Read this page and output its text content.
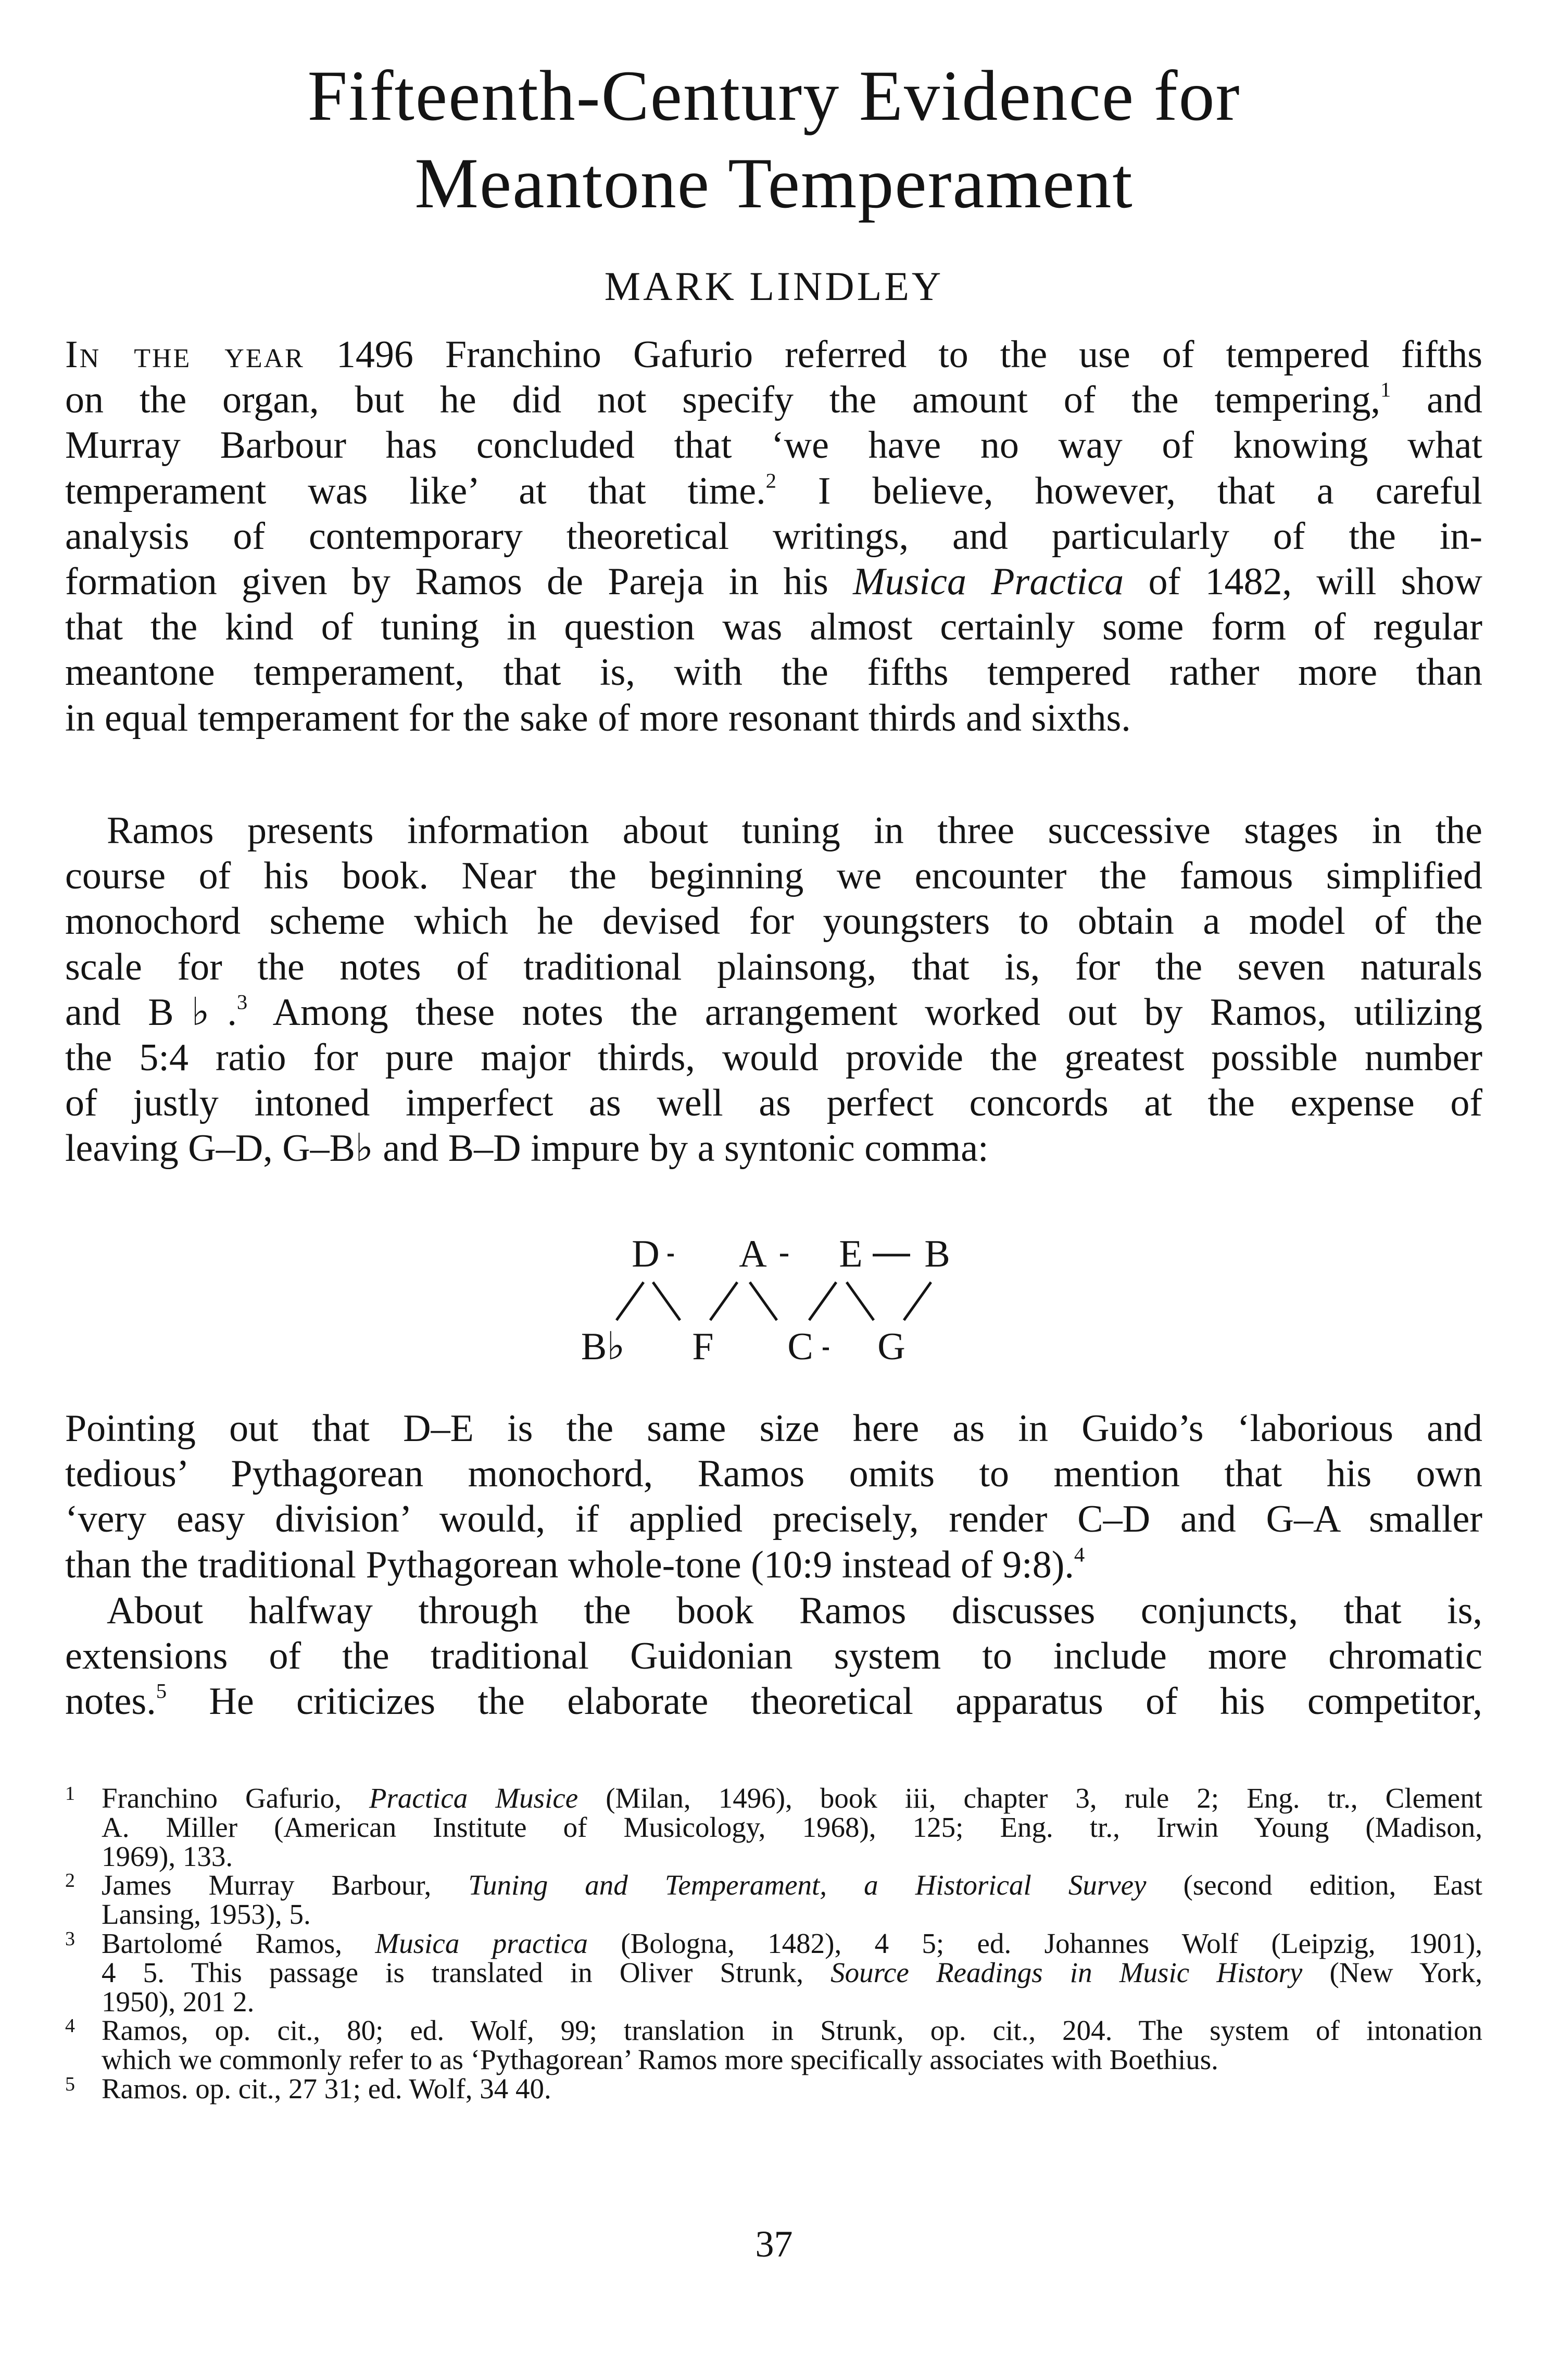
Fifteenth-Century Evidence for
Meantone Temperament
MARK LINDLEY
In the year 1496 Franchino Gafurio referred to the use of tempered fifths
on the organ, but he did not specify the amount of the tempering,$^1$ and
Murray Barbour has concluded that ‘we have no way of knowing what
temperament was like’ at that time.$^2$ I believe, however, that a careful
analysis of contemporary theoretical writings, and particularly of the in-
formation given by Ramos de Pareja in his Musica Practica of 1482, will show
that the kind of tuning in question was almost certainly some form of regular
meantone temperament, that is, with the fifths tempered rather more than
in equal temperament for the sake of more resonant thirds and sixths.
Ramos presents information about tuning in three successive stages in the
course of his book. Near the beginning we encounter the famous simplified
monochord scheme which he devised for youngsters to obtain a model of the
scale for the notes of traditional plainsong, that is, for the seven naturals
and B♭.$^3$ Among these notes the arrangement worked out by Ramos, utilizing
the 5:4 ratio for pure major thirds, would provide the greatest possible number
of justly intoned imperfect as well as perfect concords at the expense of
leaving G–D, G–B♭ and B–D impure by a syntonic comma:
D A E B
B♭ F C G
Pointing out that D–E is the same size here as in Guido’s ‘laborious and
tedious’ Pythagorean monochord, Ramos omits to mention that his own
‘very easy division’ would, if applied precisely, render C–D and G–A smaller
than the traditional Pythagorean whole-tone (10:9 instead of 9:8).$^4$
About halfway through the book Ramos discusses conjuncts, that is,
extensions of the traditional Guidonian system to include more chromatic
notes.$^5$ He criticizes the elaborate theoretical apparatus of his competitor,
1 Franchino Gafurio, Practica Musice (Milan, 1496), book iii, chapter 3, rule 2; Eng. tr., Clement
A. Miller (American Institute of Musicology, 1968), 125; Eng. tr., Irwin Young (Madison,
1969), 133.
2 James Murray Barbour, Tuning and Temperament, a Historical Survey (second edition, East
Lansing, 1953), 5.
3 Bartolomé Ramos, Musica practica (Bologna, 1482), 4 5; ed. Johannes Wolf (Leipzig, 1901),
4 5. This passage is translated in Oliver Strunk, Source Readings in Music History (New York,
1950), 201 2.
4 Ramos, op. cit., 80; ed. Wolf, 99; translation in Strunk, op. cit., 204. The system of intonation
which we commonly refer to as ‘Pythagorean’ Ramos more specifically associates with Boethius.
5 Ramos. op. cit., 27 31; ed. Wolf, 34 40.
37
